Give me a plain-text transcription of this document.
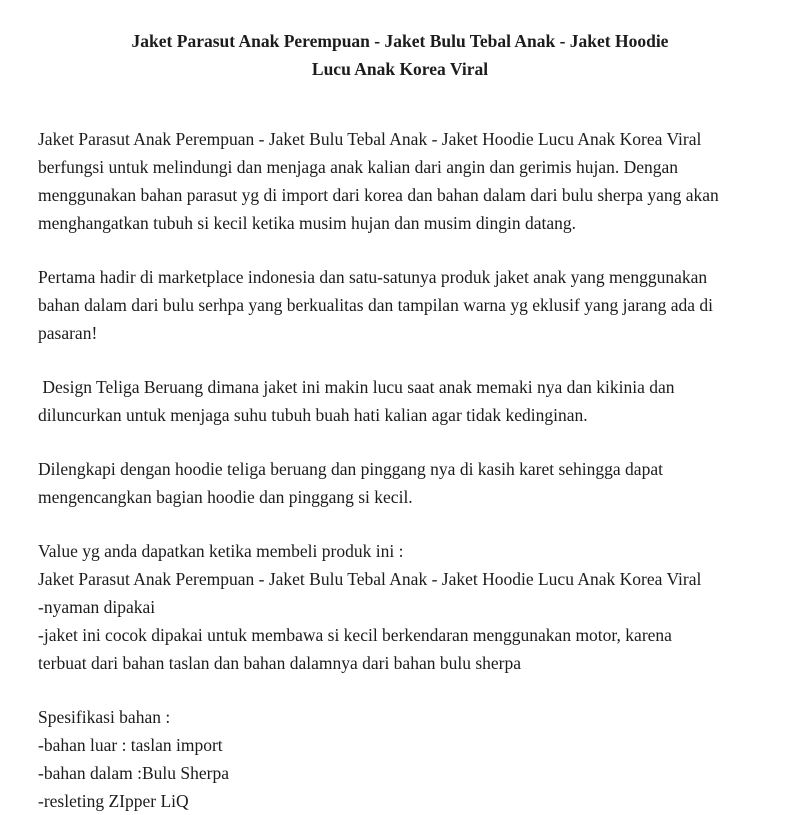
Jaket Parasut Anak Perempuan - Jaket Bulu Tebal Anak - Jaket Hoodie
Lucu Anak Korea Viral
Jaket Parasut Anak Perempuan - Jaket Bulu Tebal Anak - Jaket Hoodie Lucu Anak Korea Viral
berfungsi untuk melindungi dan menjaga anak kalian dari angin dan gerimis hujan. Dengan
menggunakan bahan parasut yg di import dari korea dan bahan dalam dari bulu sherpa yang akan
menghangatkan tubuh si kecil ketika musim hujan dan musim dingin datang.
Pertama hadir di marketplace indonesia dan satu-satunya produk jaket anak yang menggunakan
bahan dalam dari bulu serhpa yang berkualitas dan tampilan warna yg eklusif yang jarang ada di
pasaran!
Design Teliga Beruang dimana jaket ini makin lucu saat anak memaki nya dan kikinia dan
diluncurkan untuk menjaga suhu tubuh buah hati kalian agar tidak kedinginan.
Dilengkapi dengan hoodie teliga beruang dan pinggang nya di kasih karet sehingga dapat
mengencangkan bagian hoodie dan pinggang si kecil.
Value yg anda dapatkan ketika membeli produk ini :
Jaket Parasut Anak Perempuan - Jaket Bulu Tebal Anak - Jaket Hoodie Lucu Anak Korea Viral
-nyaman dipakai
-jaket ini cocok dipakai untuk membawa si kecil berkendaran menggunakan motor, karena
terbuat dari bahan taslan dan bahan dalamnya dari bahan bulu sherpa
Spesifikasi bahan :
-bahan luar : taslan import
-bahan dalam :Bulu Sherpa
-resleting ZIpper LiQ
